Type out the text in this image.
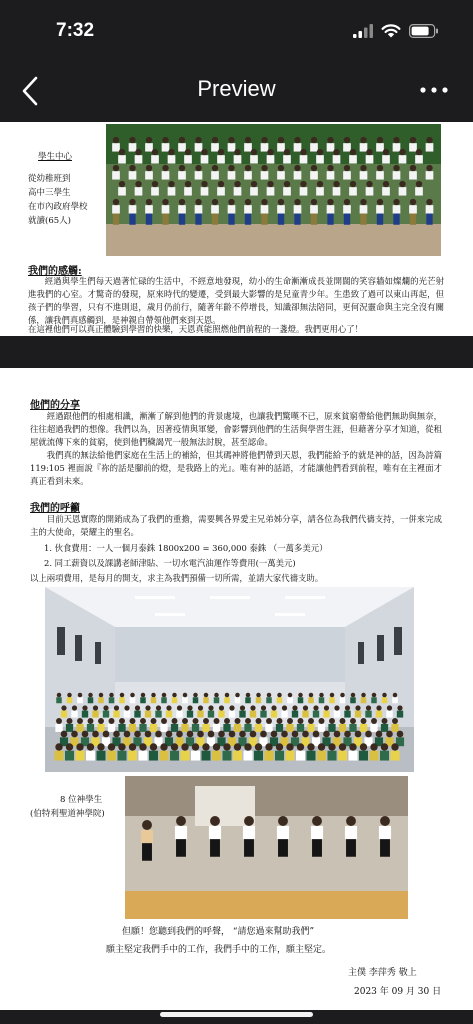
7:32
Preview
學生中心
從幼稚班到
高中三學生
在市內政府學校
就讀(65人)
我們的感觸:
經過與學生們每天過著忙碌的生活中，不經意地發現，幼小的生命漸漸成長並開闊的笑容牆如燦爛的光芒射進我們的心室。才驚奇的發現，原來時代的變遷，受到最大影響的是兒童青少年。生患致了過可以東山再起，但孩子們的學習，只有不進則退，歲月仍前行，隨著年齡不停增長，知識卻無法陪同，更何況靈命與主完全沒有關係，讓我們真感觸到，是神親自帶領他們來到天恩。
在這裡他們可以真正體驗到學習的快樂，天恩真能照燃他們前程的一盞燈。我們更用心了！
他們的分享
經過跟他們的相處相識，漸漸了解到他們的背景處境，也讓我們驚嘆不已，原來貧窮帶給他們無助與無奈，往往超過我們的想像。我們以為，因著疫情與軍變，會影響到他們的生活與學習生涯，但藉著分享才知道，從租屋就流傳下來的貧窮，使到他們穢謁咒一般無法討脫，甚至認命。
我們真的無法給他們家庭在生活上的補給，但其碼神將他們帶到天恩，我們能給予的就是神的話，因為詩篇 119:105 裡面說『祢的話是腳前的燈，是我路上的光』。唯有神的話語，才能讓他們看到前程，唯有在主裡面才真正看到未來。
我們的呼籲
目前天恩實際的開銷成為了我們的重擔，需要興各界愛主兄弟姊分享，請各位為我們代禱支持，一併來完成主的大使命，榮耀主的聖名。
1. 伙食費用：一人一個月泰銖 1800x200 = 360,000 泰銖 （一萬多美元）
2. 同工薪資以及課講老師津貼、一切水電汽油運作等費用(一萬美元)
以上兩項費用，是每月的開支，求主為我們預備一切所需，並請大家代禱支助。
8 位神學生
(伯特利聖道神學院)
但願！您聽到我們的呼聲， “請您過來幫助我們”
願主堅定我們手中的工作，我們手中的工作，願主堅定。
主僕 李萍秀 敬上
2023 年 09 月 30 日
